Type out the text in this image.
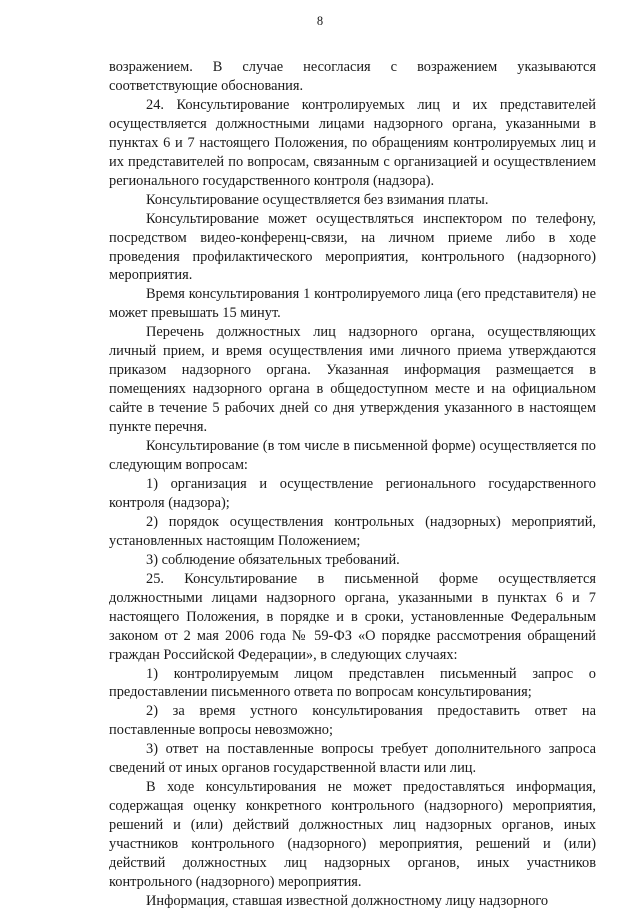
8

возражением. В случае несогласия с возражением указываются соответствующие обоснования.

24. Консультирование контролируемых лиц и их представителей осуществляется должностными лицами надзорного органа, указанными в пунктах 6 и 7 настоящего Положения, по обращениям контролируемых лиц и их представителей по вопросам, связанным с организацией и осуществлением регионального государственного контроля (надзора).

Консультирование осуществляется без взимания платы.

Консультирование может осуществляться инспектором по телефону, посредством видео-конференц-связи, на личном приеме либо в ходе проведения профилактического мероприятия, контрольного (надзорного) мероприятия.

Время консультирования 1 контролируемого лица (его представителя) не может превышать 15 минут.

Перечень должностных лиц надзорного органа, осуществляющих личный прием, и время осуществления ими личного приема утверждаются приказом надзорного органа. Указанная информация размещается в помещениях надзорного органа в общедоступном месте и на официальном сайте в течение 5 рабочих дней со дня утверждения указанного в настоящем пункте перечня.

Консультирование (в том числе в письменной форме) осуществляется по следующим вопросам:

1) организация и осуществление регионального государственного контроля (надзора);

2) порядок осуществления контрольных (надзорных) мероприятий, установленных настоящим Положением;

3) соблюдение обязательных требований.

25. Консультирование в письменной форме осуществляется должностными лицами надзорного органа, указанными в пунктах 6 и 7 настоящего Положения, в порядке и в сроки, установленные Федеральным законом от 2 мая 2006 года № 59-ФЗ «О порядке рассмотрения обращений граждан Российской Федерации», в следующих случаях:

1) контролируемым лицом представлен письменный запрос о предоставлении письменного ответа по вопросам консультирования;

2) за время устного консультирования предоставить ответ на поставленные вопросы невозможно;

3) ответ на поставленные вопросы требует дополнительного запроса сведений от иных органов государственной власти или лиц.

В ходе консультирования не может предоставляться информация, содержащая оценку конкретного контрольного (надзорного) мероприятия, решений и (или) действий должностных лиц надзорных органов, иных участников контрольного (надзорного) мероприятия, решений и (или) действий должностных лиц надзорных органов, иных участников контрольного (надзорного) мероприятия.

Информация, ставшая известной должностному лицу надзорного
